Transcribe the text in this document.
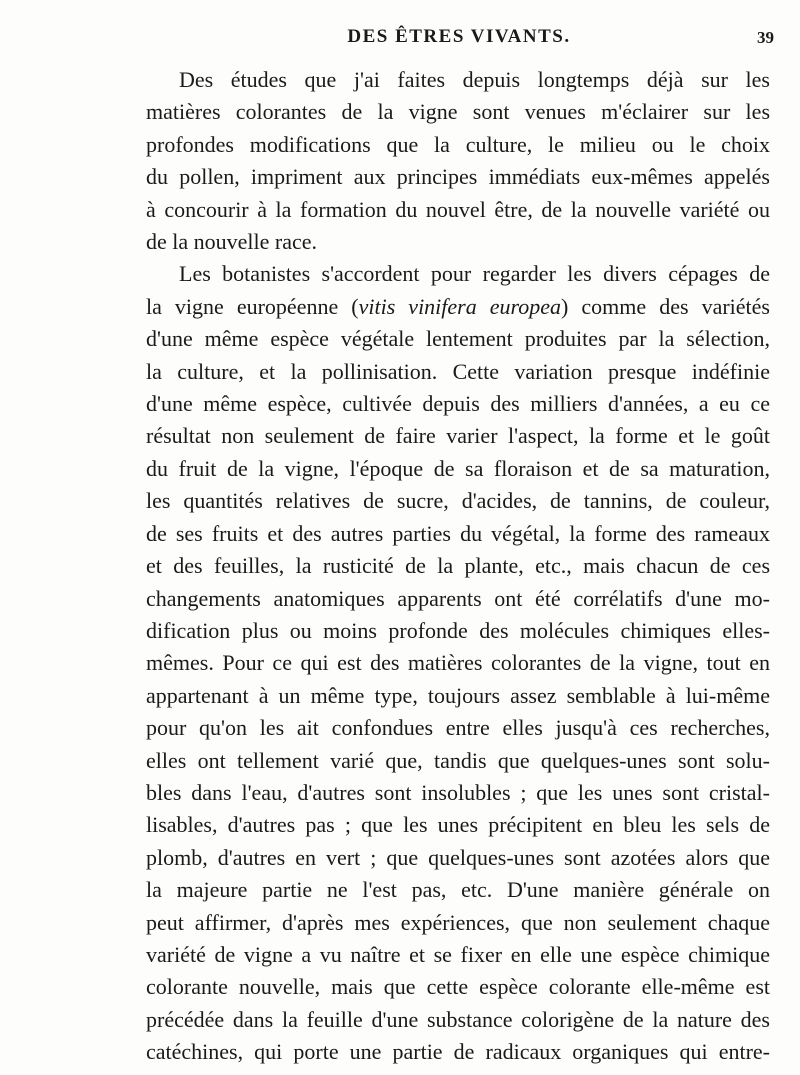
DES ÊTRES VIVANTS.	39
Des études que j'ai faites depuis longtemps déjà sur les
matières colorantes de la vigne sont venues m'éclairer sur les
profondes modifications que la culture, le milieu ou le choix
du pollen, impriment aux principes immédiats eux-mêmes appelés
à concourir à la formation du nouvel être, de la nouvelle variété ou
de la nouvelle race.
Les botanistes s'accordent pour regarder les divers cépages de
la vigne européenne (vitis vinifera europea) comme des variétés
d'une même espèce végétale lentement produites par la sélection,
la culture, et la pollinisation. Cette variation presque indéfinie
d'une même espèce, cultivée depuis des milliers d'années, a eu ce
résultat non seulement de faire varier l'aspect, la forme et le goût
du fruit de la vigne, l'époque de sa floraison et de sa maturation,
les quantités relatives de sucre, d'acides, de tannins, de couleur,
de ses fruits et des autres parties du végétal, la forme des rameaux
et des feuilles, la rusticité de la plante, etc., mais chacun de ces
changements anatomiques apparents ont été corrélatifs d'une mo-
dification plus ou moins profonde des molécules chimiques elles-
mêmes. Pour ce qui est des matières colorantes de la vigne, tout en
appartenant à un même type, toujours assez semblable à lui-même
pour qu'on les ait confondues entre elles jusqu'à ces recherches,
elles ont tellement varié que, tandis que quelques-unes sont solu-
bles dans l'eau, d'autres sont insolubles ; que les unes sont cristal-
lisables, d'autres pas ; que les unes précipitent en bleu les sels de
plomb, d'autres en vert ; que quelques-unes sont azotées alors que
la majeure partie ne l'est pas, etc. D'une manière générale on
peut affirmer, d'après mes expériences, que non seulement chaque
variété de vigne a vu naître et se fixer en elle une espèce chimique
colorante nouvelle, mais que cette espèce colorante elle-même est
précédée dans la feuille d'une substance colorigène de la nature des
catéchines, qui porte une partie de radicaux organiques qui entre-
